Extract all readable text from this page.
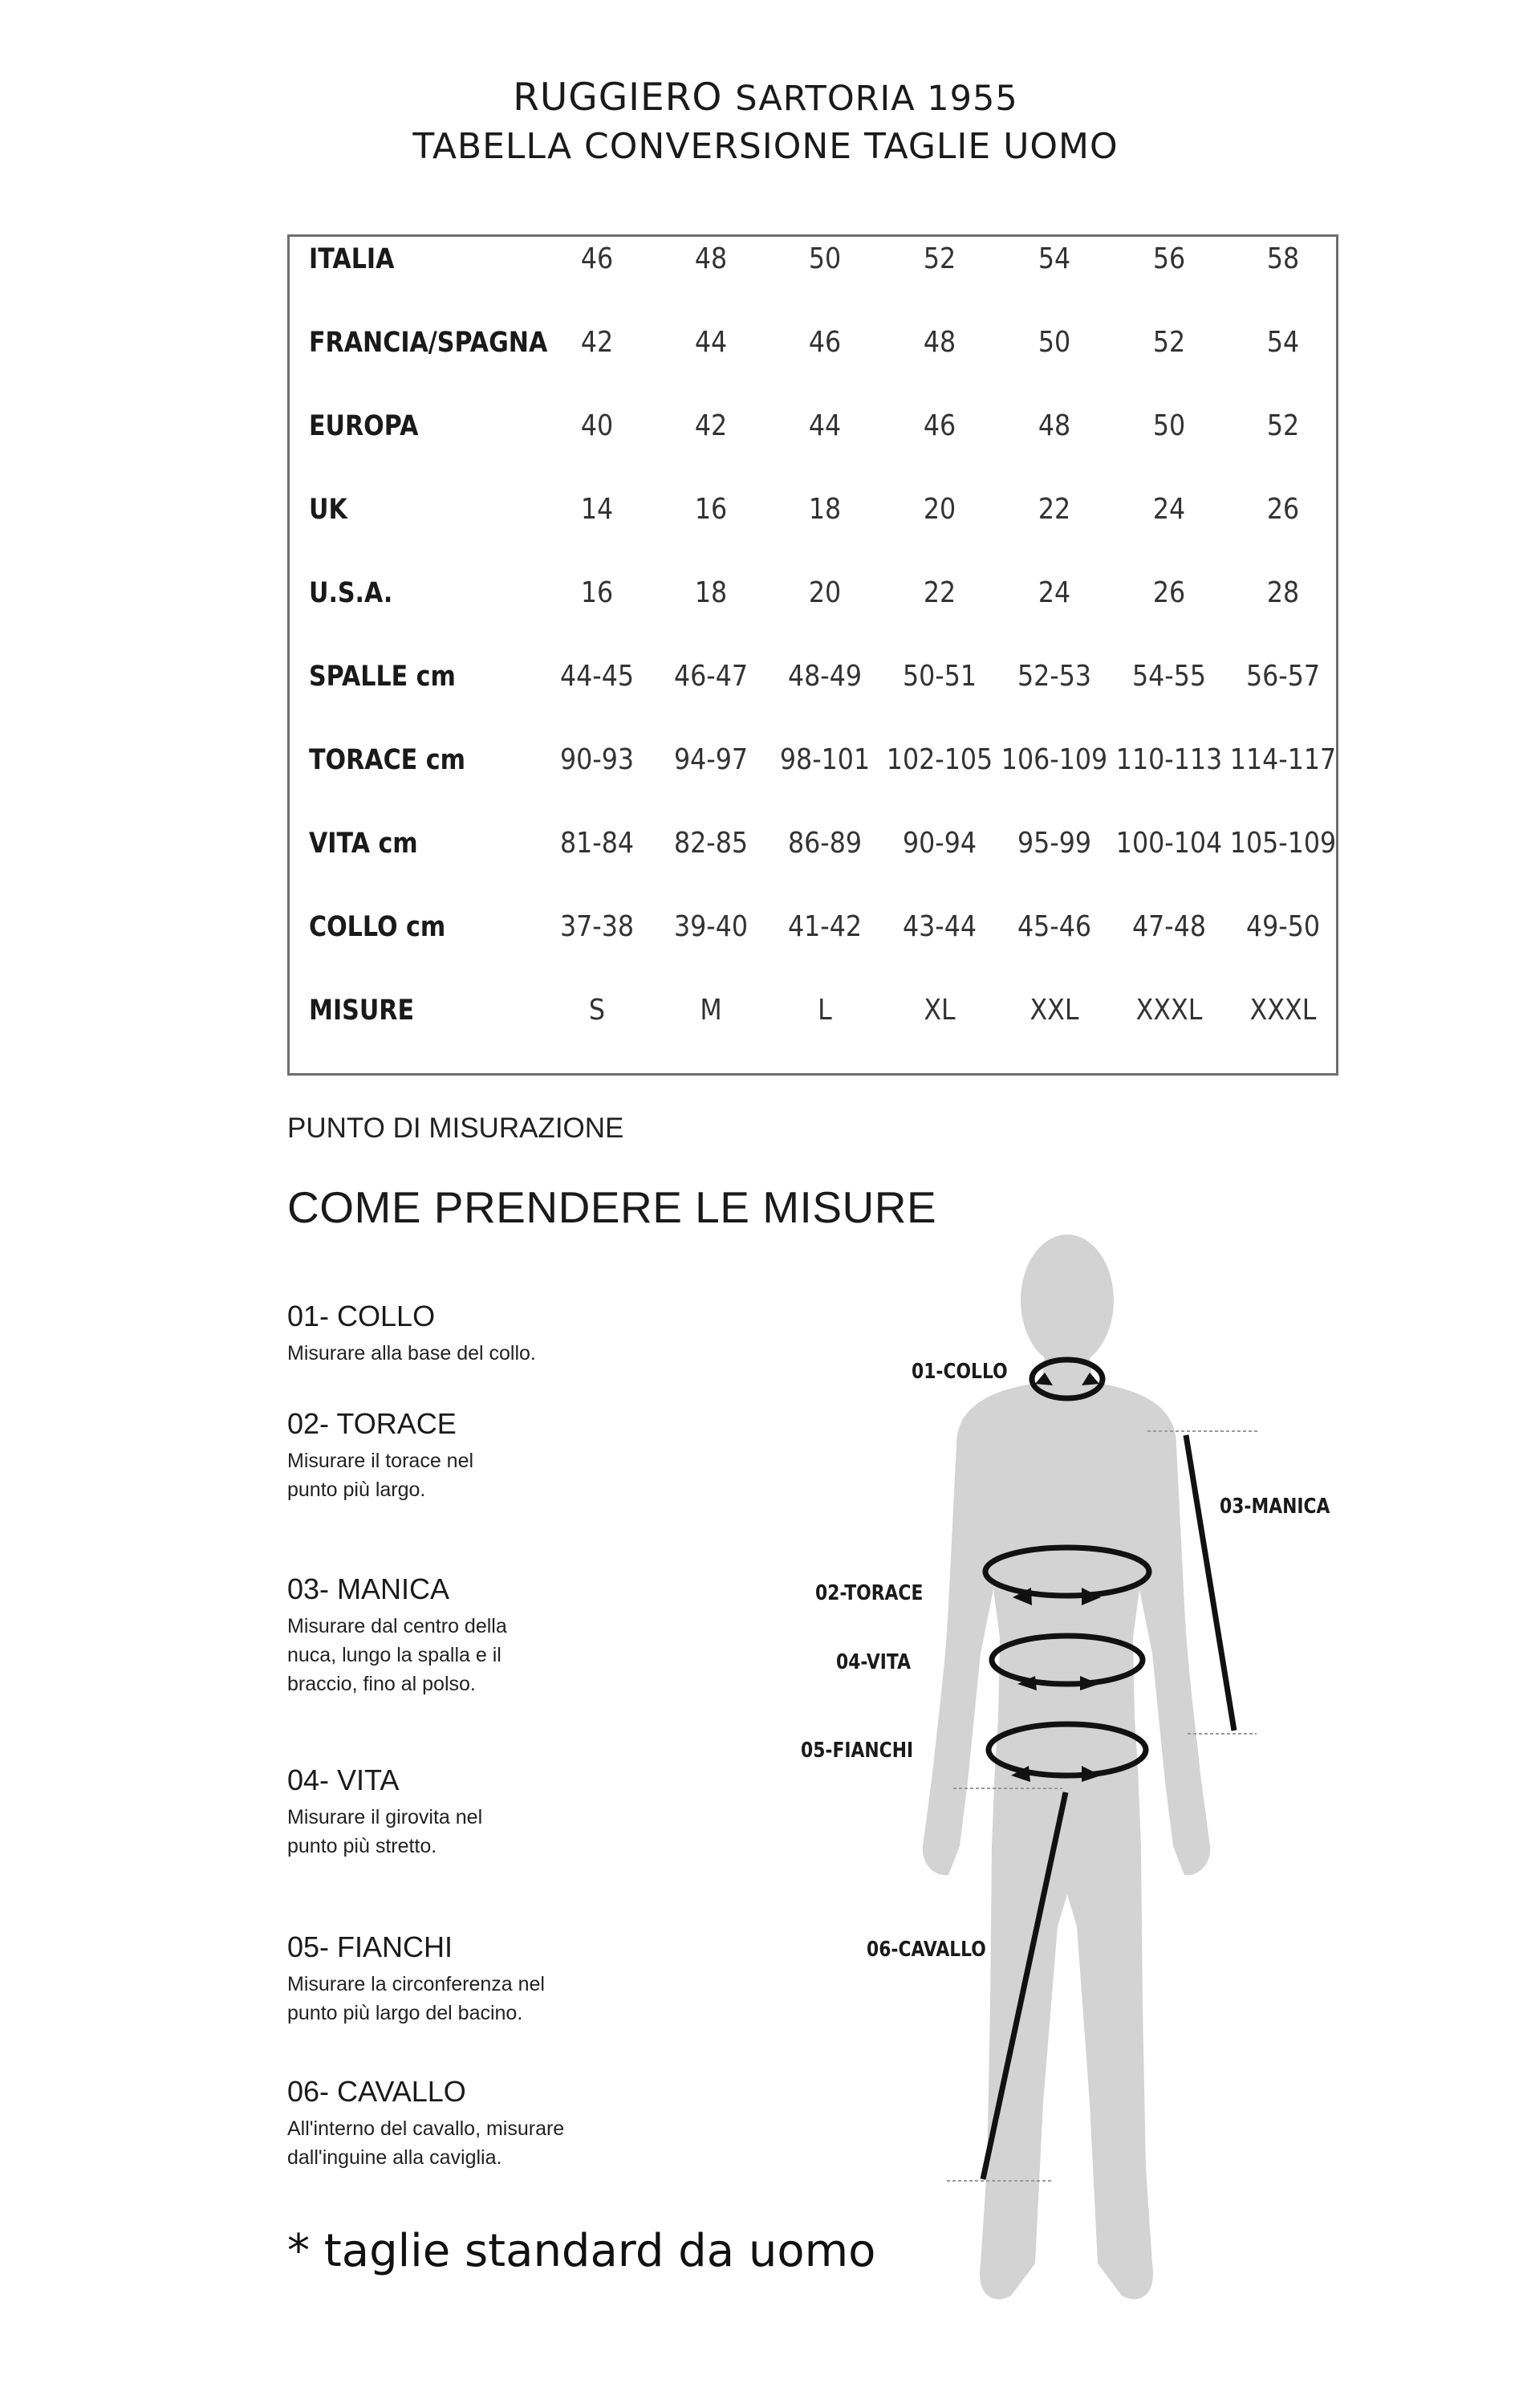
RUGGIERO SARTORIA 1955
TABELLA CONVERSIONE TAGLIE UOMO
ITALIA	46	48	50	52	54	56	58
FRANCIA/SPAGNA	42	44	46	48	50	52	54
EUROPA	40	42	44	46	48	50	52
UK	14	16	18	20	22	24	26
U.S.A.	16	18	20	22	24	26	28
SPALLE cm	44-45	46-47	48-49	50-51	52-53	54-55	56-57
TORACE cm	90-93	94-97	98-101 102-105 106-109 110-113 114-117
VITA cm	81-84	82-85	86-89	90-94	95-99 100-104 105-109
COLLO cm	37-38	39-40	41-42	43-44	45-46	47-48	49-50
MISURE	S	M	L	XL	XXL	XXXL	XXXL
PUNTO DI MISURAZIONE
COME PRENDERE LE MISURE
01- COLLO
Misurare alla base del collo.
02- TORACE
Misurare il torace nel
punto più largo.
03- MANICA
Misurare dal centro della
nuca, lungo la spalla e il
braccio, fino al polso.
04- VITA
Misurare il girovita nel
punto più stretto.
05- FIANCHI
Misurare la circonferenza nel
punto più largo del bacino.
06- CAVALLO
All'interno del cavallo, misurare
dall'inguine alla caviglia.
* taglie standard da uomo
01-COLLO
03-MANICA
02-TORACE
04-VITA
05-FIANCHI
06-CAVALLO
